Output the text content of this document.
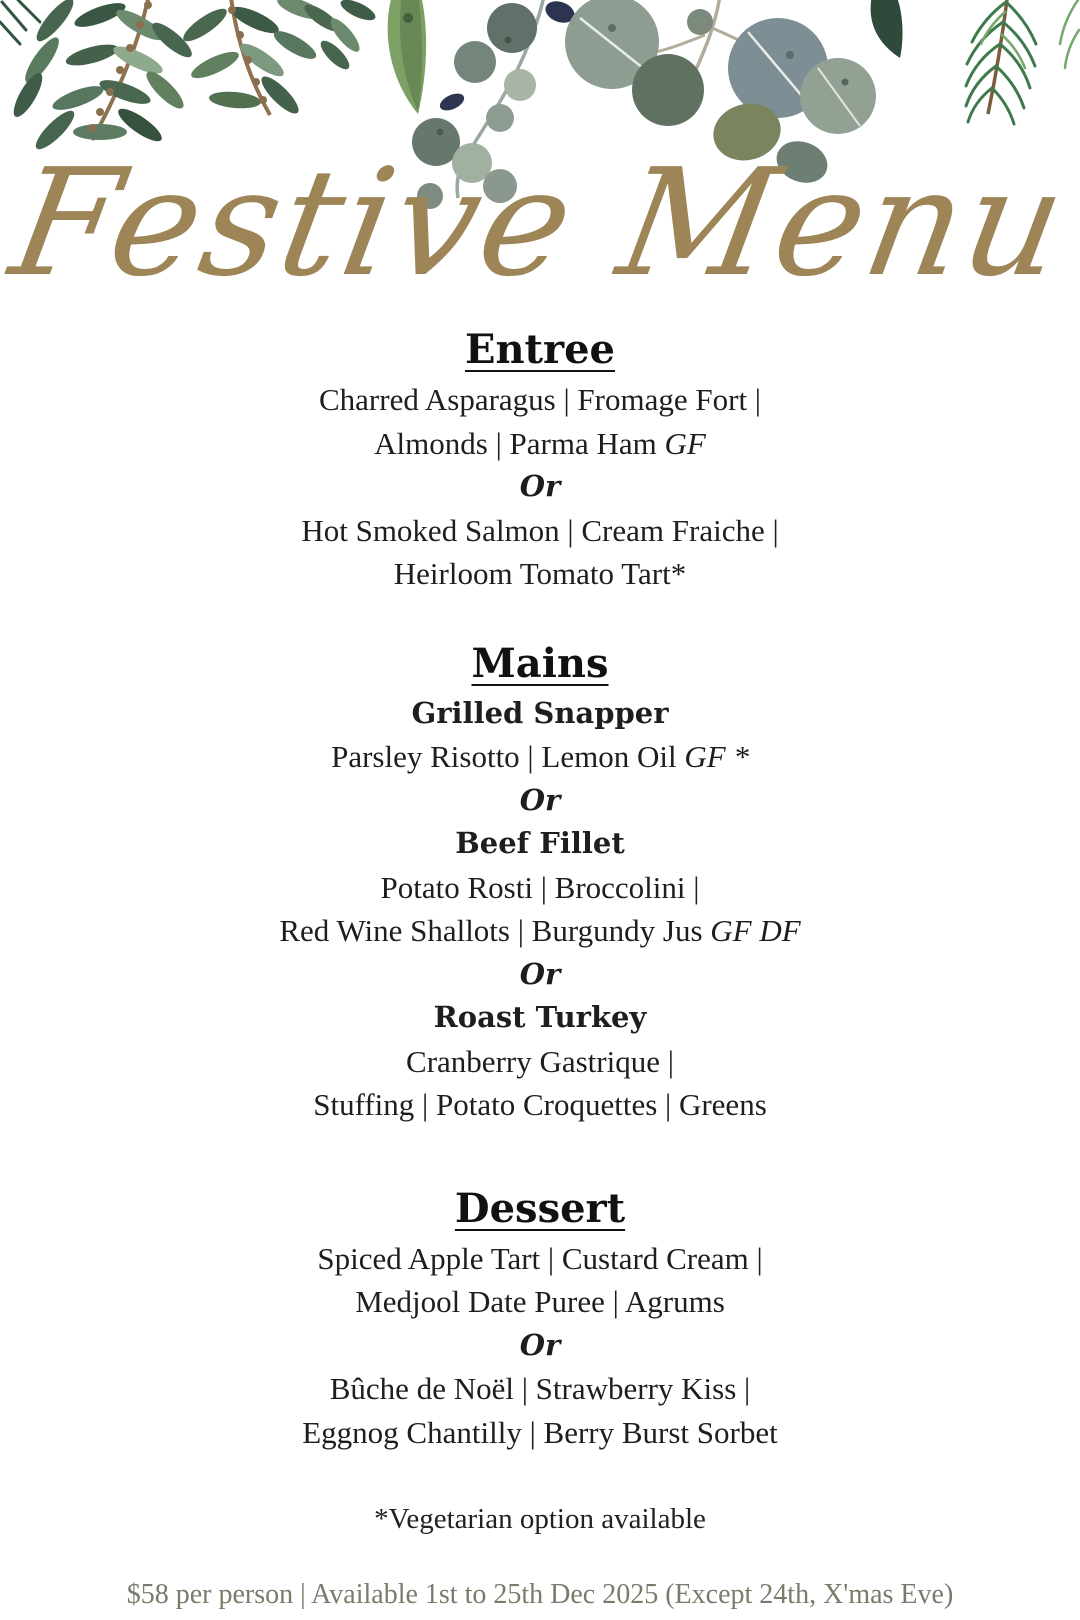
Festive Menu
Entree
Charred Asparagus | Fromage Fort |
Almonds | Parma Ham GF
Or
Hot Smoked Salmon | Cream Fraiche |
Heirloom Tomato Tart*
Mains
Grilled Snapper
Parsley Risotto | Lemon Oil GF *
Or
Beef Fillet
Potato Rosti | Broccolini |
Red Wine Shallots | Burgundy Jus GF DF
Or
Roast Turkey
Cranberry Gastrique |
Stuffing | Potato Croquettes | Greens
Dessert
Spiced Apple Tart | Custard Cream |
Medjool Date Puree | Agrums
Or
Bûche de Noël | Strawberry Kiss |
Eggnog Chantilly | Berry Burst Sorbet
*Vegetarian option available
$58 per person | Available 1st to 25th Dec 2025 (Except 24th, X'mas Eve)
